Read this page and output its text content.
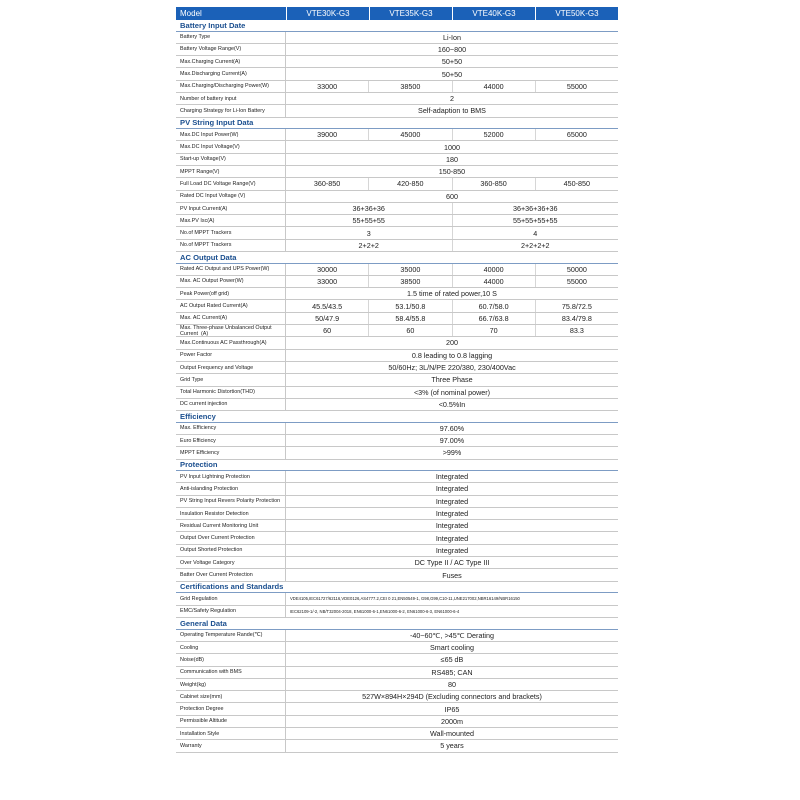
Model	VTE30K-G3	VTE35K-G3	VTE40K-G3	VTE50K-G3
Battery Input Date
Battery Type	Li-Ion
Battery Voltage Range(V)	160~800
Max.Charging Current(A)	50+50
Max.Discharging Current(A)	50+50
Max.Charging/Discharging Power(W)	33000	38500	44000	55000
Number of battery input	2
Charging Strategy for Li-Ion Battery	Self-adaption to BMS
PV String Input Data
Max.DC Input Power(W)	39000	45000	52000	65000
Max.DC Input Voltage(V)	1000
Start-up Voltage(V)	180
MPPT Range(V)	150-850
Full Load DC Voltage Range(V)	360-850	420-850	360-850	450-850
Rated DC Input Voltage (V)	600
PV Input Current(A)	36+36+36	36+36+36+36
Max.PV Isc(A)	55+55+55	55+55+55+55
No.of MPPT Trackers	3	4
No.of MPPT Trackers	2+2+2	2+2+2+2
AC Output Data
Rated AC Output and UPS Power(W)	30000	35000	40000	50000
Max. AC Output Power(W)	33000	38500	44000	55000
Peak Power(off grid)	1.5 time of rated power,10 S
AC Output Rated Current(A)	45.5/43.5	53.1/50.8	60.7/58.0	75.8/72.5
Max. AC Current(A)	50/47.9	58.4/55.8	66.7/63.8	83.4/79.8
Max. Three-phase Unbalanced Output Current  (A)	60	60	70	83.3
Max.Continuous AC Passthrough(A)	200
Power Factor	0.8 leading to 0.8 lagging
Output Frequency and Voltage	50/60Hz; 3L/N/PE 220/380, 230/400Vac
Grid Type	Three Phase
Total Harmonic Distortion(THD)	<3% (of nominal power)
DC current injection	<0.5%In
Efficiency
Max. Efficiency	97.60%
Euro Efficiency	97.00%
MPPT Efficiency	>99%
Protection
PV Input Lightning Protection	Integrated
Anti-islanding Protection	Integrated
PV String Input Revers Polarity Protection	Integrated
Insulation Resistor Detection	Integrated
Residual Current Monitoring Unit	Integrated
Output Over Current Protection	Integrated
Output Shorted Protection	Integrated
Over Voltage Category	DC Type II / AC Type III
Batter Over Current Protection	Fuses
Certifications and Standards
Grid Regulation	VDE4105,IEC61727/62116,VDE0126,AS4777.2,CEI 0 21,EN50549-1, G98,G99,C10-11,UNE217002,NBR16149/NBR16150
EMC/Safety Regulation	IEC62109-1/-2, NB/T32004-2018, EN61000-6-1,EN61000-6-2, EN61000-6-3, EN61000-6-4
General Data
Operating Temperature Rande(℃)	-40~60℃, >45℃ Derating
Cooling	Smart cooling
Noise(dB)	≤65 dB
Communication with BMS	RS485; CAN
Weight(kg)	80
Cabinet size(mm)	527W×894H×294D (Excluding connectors and brackets)
Protection Degree	IP65
Permissible Altitude	2000m
Installation Style	Wall-mounted
Warranty	5 years
